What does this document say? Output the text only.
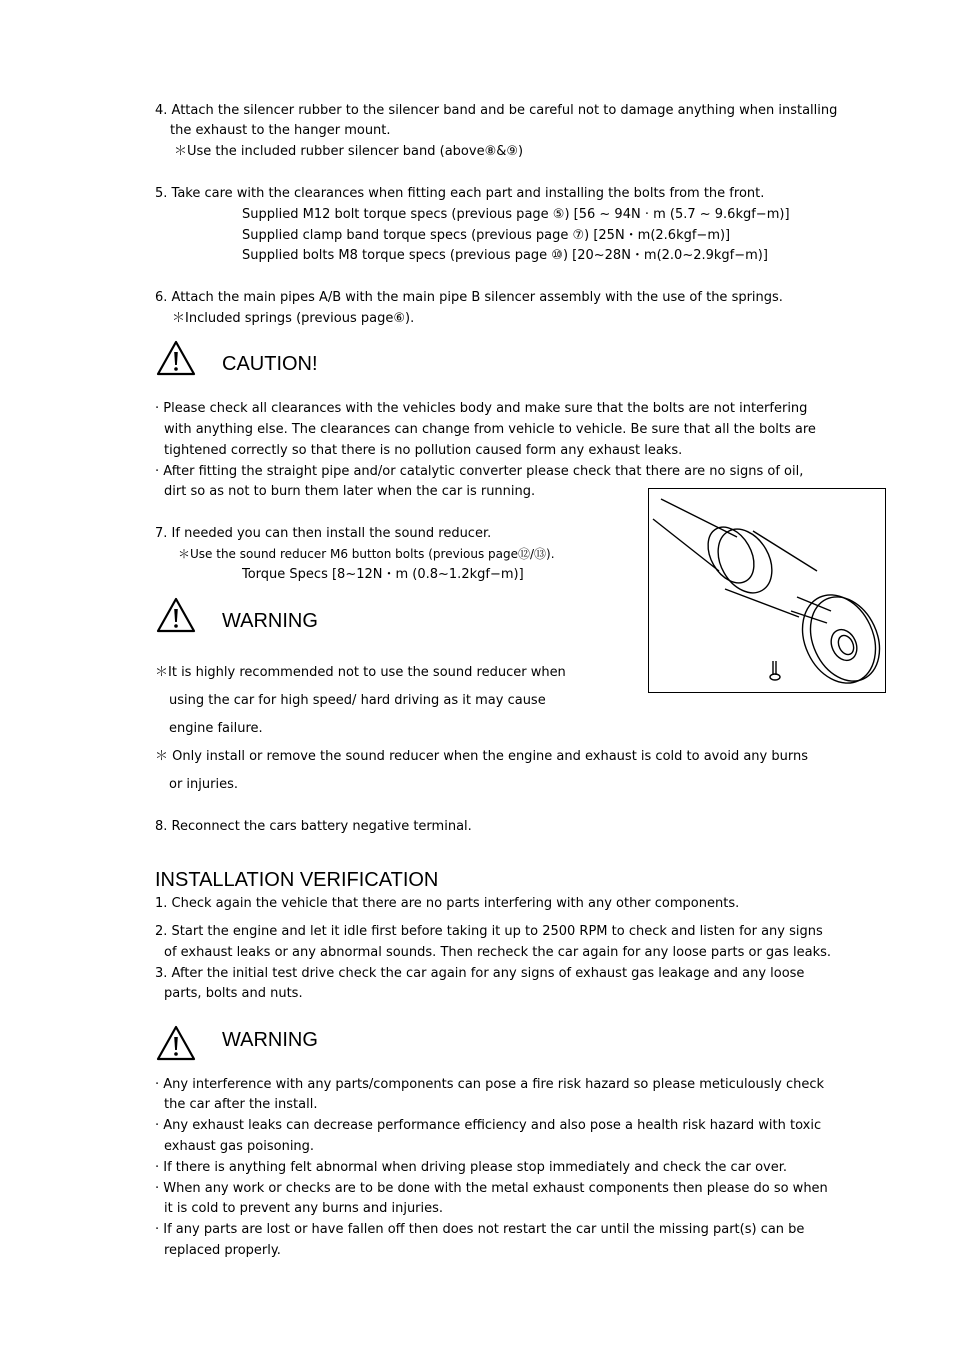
4. Attach the silencer rubber to the silencer band and be careful not to damage anything when installing
the exhaust to the hanger mount.
＊Use the included rubber silencer band (above⑧&⑨)
5. Take care with the clearances when fitting each part and installing the bolts from the front.
Supplied M12 bolt torque specs (previous page ⑤) [56 ~ 94N · m (5.7 ~ 9.6kgf−m)]
Supplied clamp band torque specs (previous page ⑦) [25N・m(2.6kgf−m)]
Supplied bolts M8 torque specs (previous page ⑩) [20~28N・m(2.0~2.9kgf−m)]
6. Attach the main pipes A/B with the main pipe B silencer assembly with the use of the springs.
＊Included springs (previous page⑥).
CAUTION!
· Please check all clearances with the vehicles body and make sure that the bolts are not interfering
with anything else. The clearances can change from vehicle to vehicle. Be sure that all the bolts are
tightened correctly so that there is no pollution caused form any exhaust leaks.
· After fitting the straight pipe and/or catalytic converter please check that there are no signs of oil,
dirt so as not to burn them later when the car is running.
7. If needed you can then install the sound reducer.
＊Use the sound reducer M6 button bolts (previous page⑫/⑬).
Torque Specs [8~12N・m (0.8~1.2kgf−m)]
WARNING
＊It is highly recommended not to use the sound reducer when
using the car for high speed/ hard driving as it may cause
engine failure.
＊ Only install or remove the sound reducer when the engine and exhaust is cold to avoid any burns
or injuries.
8. Reconnect the cars battery negative terminal.
INSTALLATION VERIFICATION
1. Check again the vehicle that there are no parts interfering with any other components.
2. Start the engine and let it idle first before taking it up to 2500 RPM to check and listen for any signs
of exhaust leaks or any abnormal sounds. Then recheck the car again for any loose parts or gas leaks.
3. After the initial test drive check the car again for any signs of exhaust gas leakage and any loose
parts, bolts and nuts.
WARNING
· Any interference with any parts/components can pose a fire risk hazard so please meticulously check
the car after the install.
· Any exhaust leaks can decrease performance efficiency and also pose a health risk hazard with toxic
exhaust gas poisoning.
· If there is anything felt abnormal when driving please stop immediately and check the car over.
· When any work or checks are to be done with the metal exhaust components then please do so when
it is cold to prevent any burns and injuries.
· If any parts are lost or have fallen off then does not restart the car until the missing part(s) can be
replaced properly.
